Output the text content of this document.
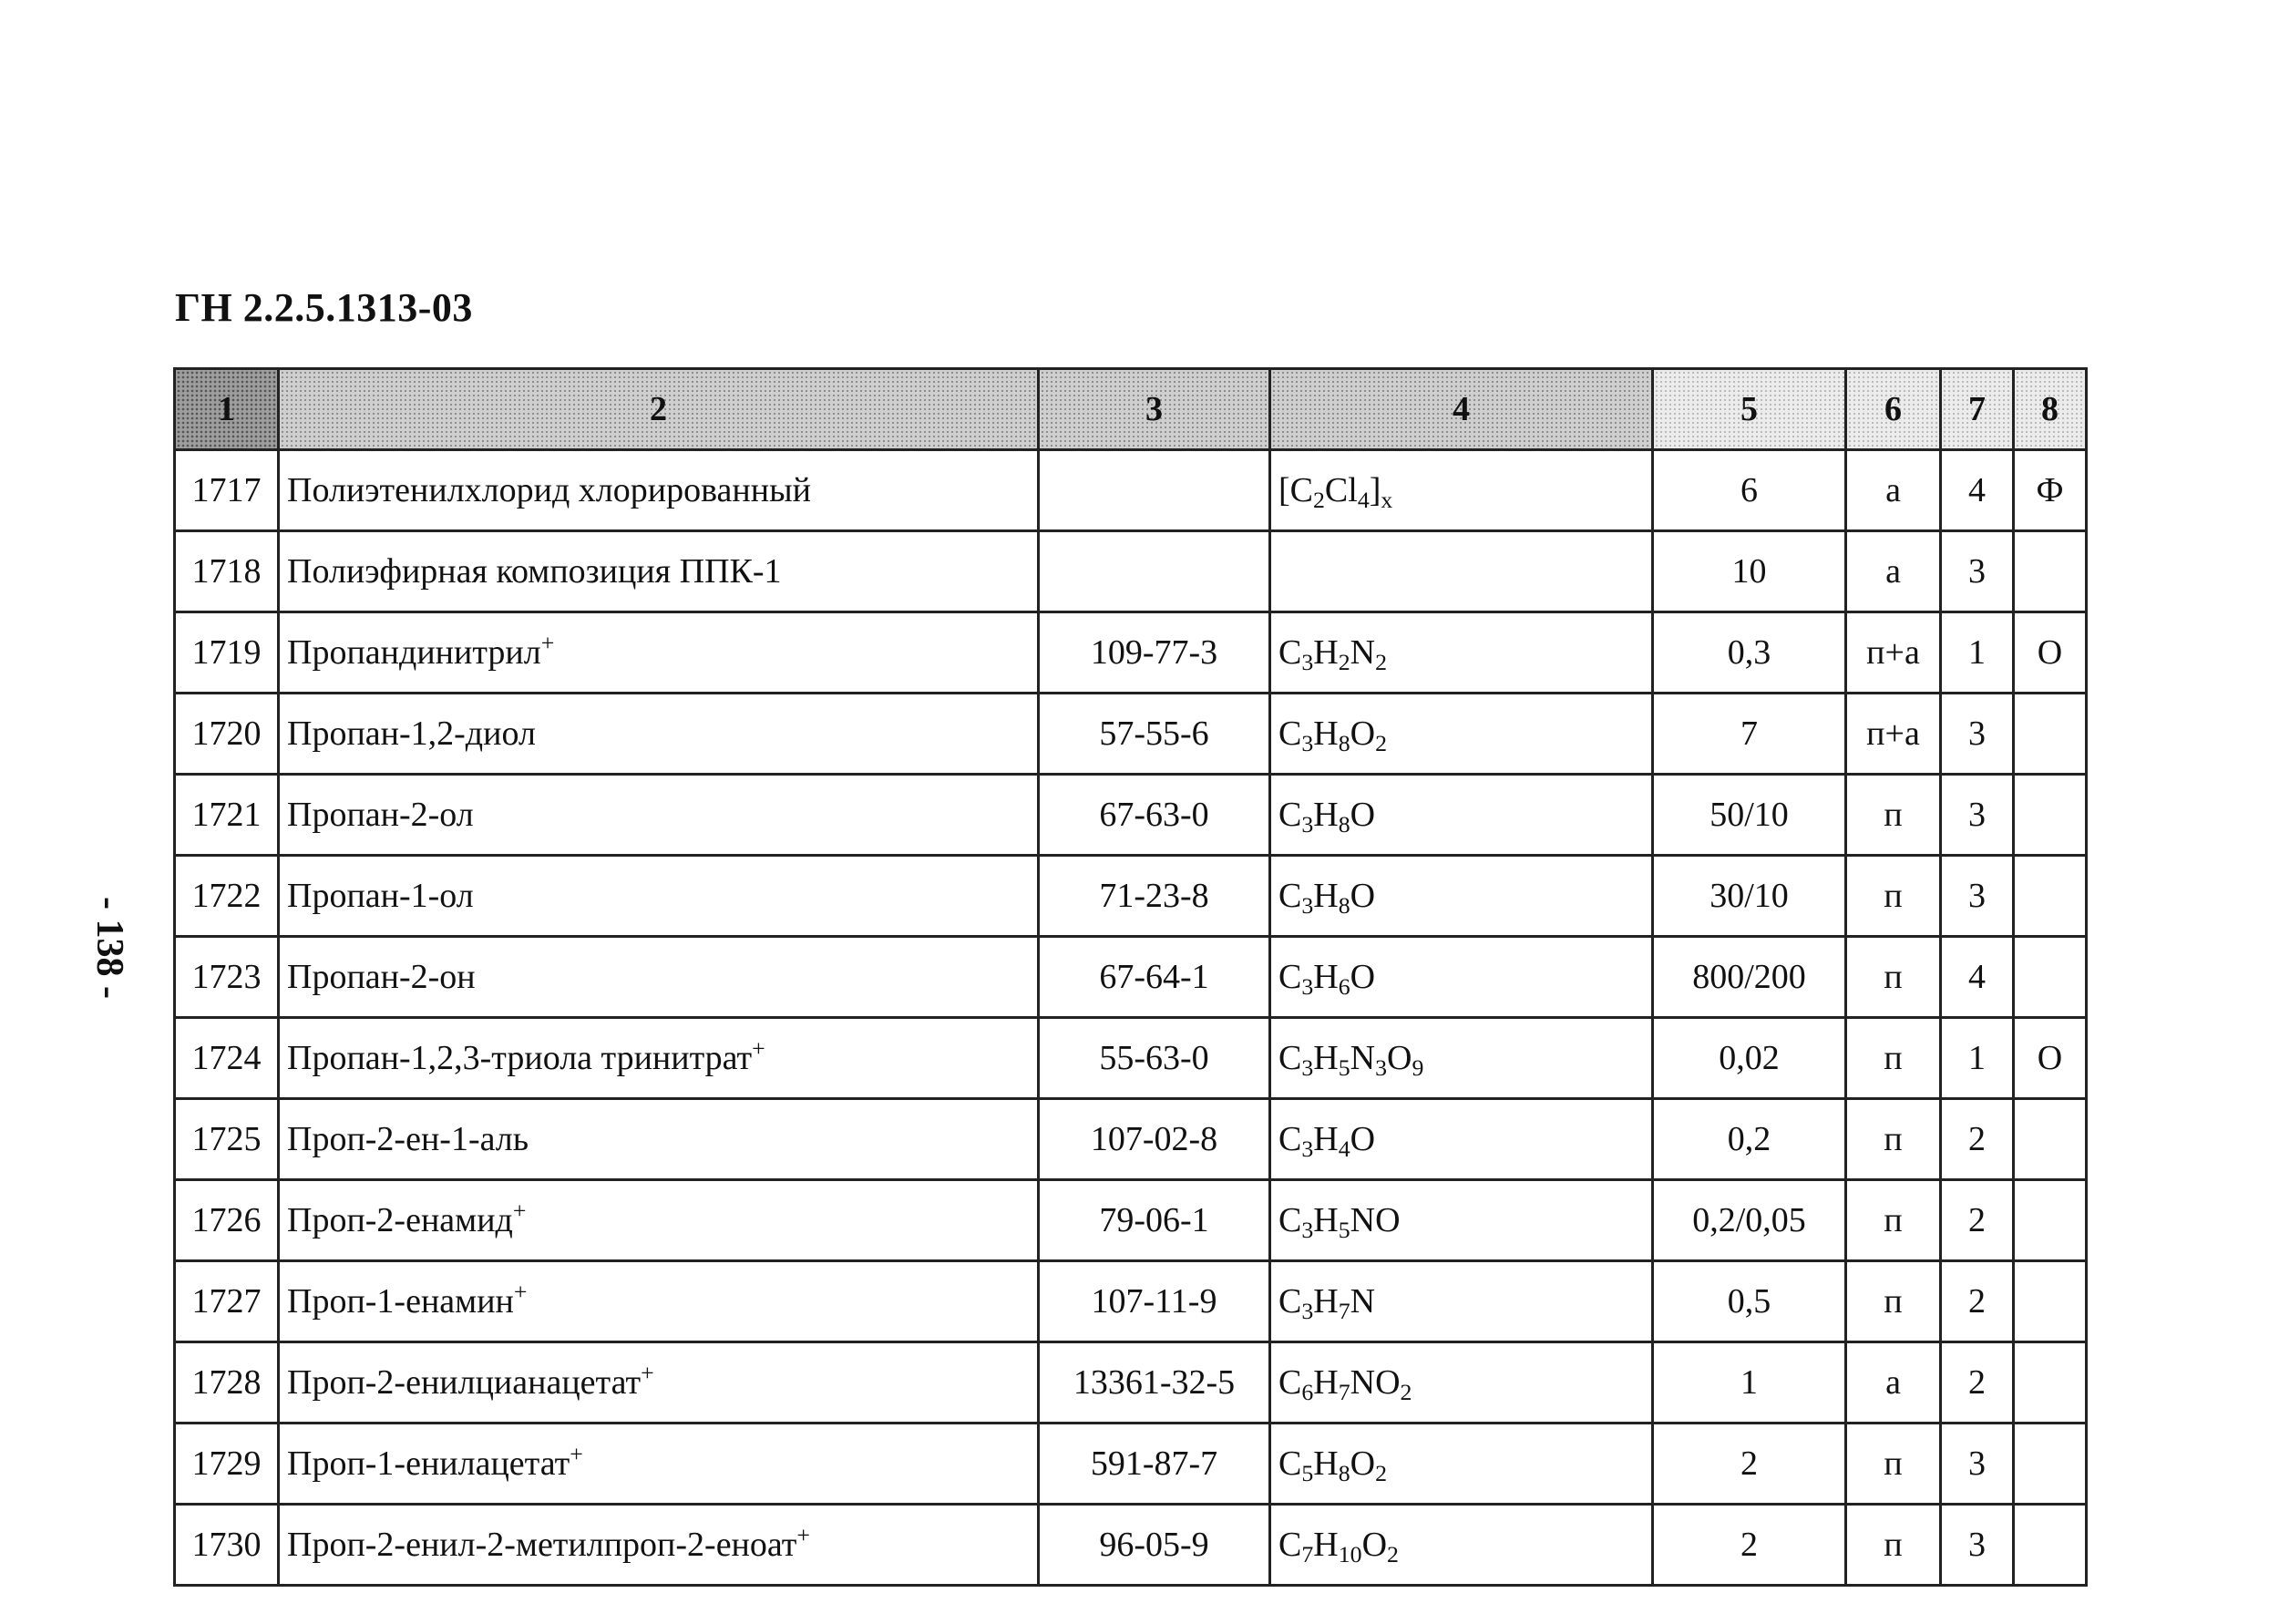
ГН 2.2.5.1313-03
- 138 -
1	2	3	4	5	6	7	8
1717	Полиэтенилхлорид хлорированный		$[C_2Cl_4]_x$	6	а	4	Ф
1718	Полиэфирная композиция ППК-1			10	а	3	
1719	Пропандинитрил+	109-77-3	$C_3H_2N_2$	0,3	п+а	1	О
1720	Пропан-1,2-диол	57-55-6	$C_3H_8O_2$	7	п+а	3	
1721	Пропан-2-ол	67-63-0	$C_3H_8O$	50/10	п	3	
1722	Пропан-1-ол	71-23-8	$C_3H_8O$	30/10	п	3	
1723	Пропан-2-он	67-64-1	$C_3H_6O$	800/200	п	4	
1724	Пропан-1,2,3-триола тринитрат+	55-63-0	$C_3H_5N_3O_9$	0,02	п	1	О
1725	Проп-2-ен-1-аль	107-02-8	$C_3H_4O$	0,2	п	2	
1726	Проп-2-енамид+	79-06-1	$C_3H_5NO$	0,2/0,05	п	2	
1727	Проп-1-енамин+	107-11-9	$C_3H_7N$	0,5	п	2	
1728	Проп-2-енилцианацетат+	13361-32-5	$C_6H_7NO_2$	1	а	2	
1729	Проп-1-енилацетат+	591-87-7	$C_5H_8O_2$	2	п	3	
1730	Проп-2-енил-2-метилпроп-2-еноат+	96-05-9	$C_7H_{10}O_2$	2	п	3	
